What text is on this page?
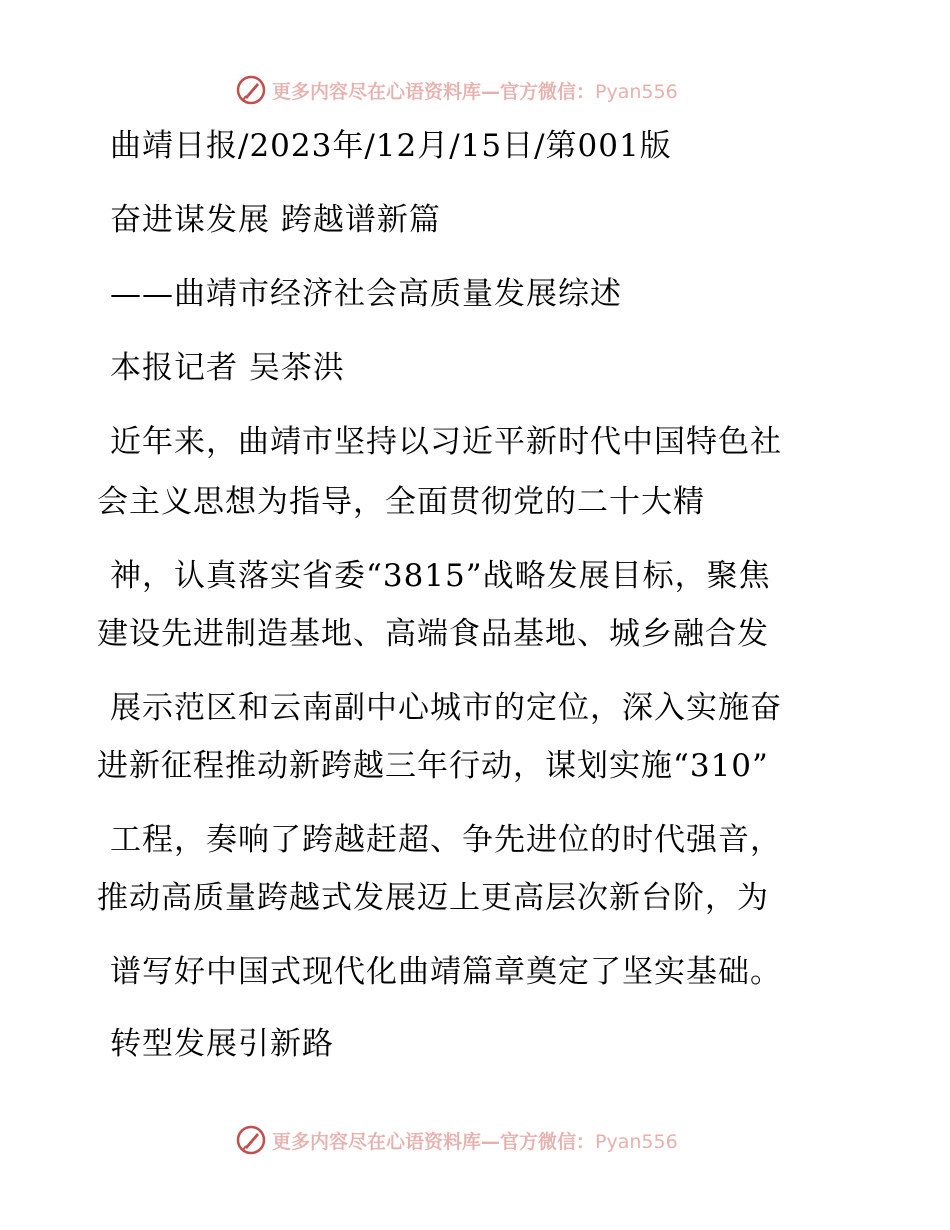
更多内容尽在心语资料库—官方微信：Pyan556
曲靖日报/2023年/12月/15日/第001版
奋进谋发展 跨越谱新篇
——曲靖市经济社会高质量发展综述
本报记者 吴茶洪
近年来，曲靖市坚持以习近平新时代中国特色社
会主义思想为指导，全面贯彻党的二十大精
神，认真落实省委“3815”战略发展目标，聚焦
建设先进制造基地、高端食品基地、城乡融合发
展示范区和云南副中心城市的定位，深入实施奋
进新征程推动新跨越三年行动，谋划实施“310”
工程，奏响了跨越赶超、争先进位的时代强音，
推动高质量跨越式发展迈上更高层次新台阶，为
谱写好中国式现代化曲靖篇章奠定了坚实基础。
转型发展引新路
更多内容尽在心语资料库—官方微信：Pyan556
